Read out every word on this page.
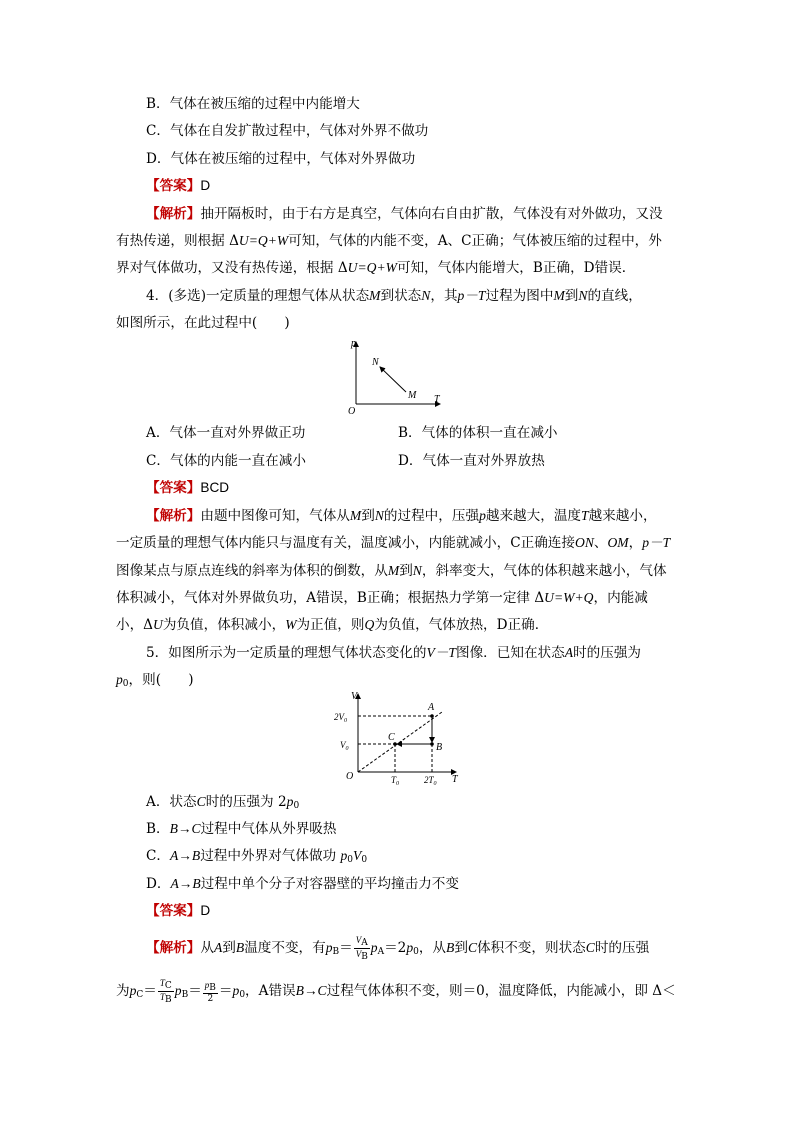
B．气体在被压缩的过程中内能增大
C．气体在自发扩散过程中，气体对外界不做功
D．气体在被压缩的过程中，气体对外界做功
【答案】D
【解析】抽开隔板时，由于右方是真空，气体向右自由扩散，气体没有对外做功，又没
有热传递，则根据 ΔU=Q+W可知，气体的内能不变，A、C正确；气体被压缩的过程中，外
界对气体做功，又没有热传递，根据 ΔU=Q+W可知，气体内能增大，B正确，D错误．
4．(多选)一定质量的理想气体从状态M到状态N，其p－T过程为图中M到N的直线，
如图所示，在此过程中(　　)
p
T
O
N
M
A．气体一直对外界做正功	B．气体的体积一直在减小
C．气体的内能一直在减小	D．气体一直对外界放热
【答案】BCD
【解析】由题中图像可知，气体从M到N的过程中，压强p越来越大，温度T越来越小，
一定质量的理想气体内能只与温度有关，温度减小，内能就减小，C正确连接ON、OM，p－T
图像某点与原点连线的斜率为体积的倒数，从M到N，斜率变大，气体的体积越来越小，气体
体积减小，气体对外界做负功，A错误，B正确；根据热力学第一定律 ΔU=W+Q，内能减
小，ΔU为负值，体积减小，W为正值，则Q为负值，气体放热，D正确．
5．如图所示为一定质量的理想气体状态变化的V－T图像．已知在状态A时的压强为
$p_0$，则(　　)
V
T
O
$2V_0$
$V_0$
$T_0$	$2T_0$
A
B
C
A．状态C时的压强为 $2p_0$
B．B→C过程中气体从外界吸热
C．A→B过程中外界对气体做功 $p_0V_0$
D．A→B过程中单个分子对容器壁的平均撞击力不变
【答案】D
【解析】从A到B温度不变，有$p_B= \frac{V_A}{V_B} p_A=2p_0$，从B到C体积不变，则状态C时的压强
为$p_C= \frac{T_C}{T_B} p_B= \frac{p_B}{2} =p_0$，A错误B→C过程气体体积不变，则＝0，温度降低，内能减小，即 Δ＜
